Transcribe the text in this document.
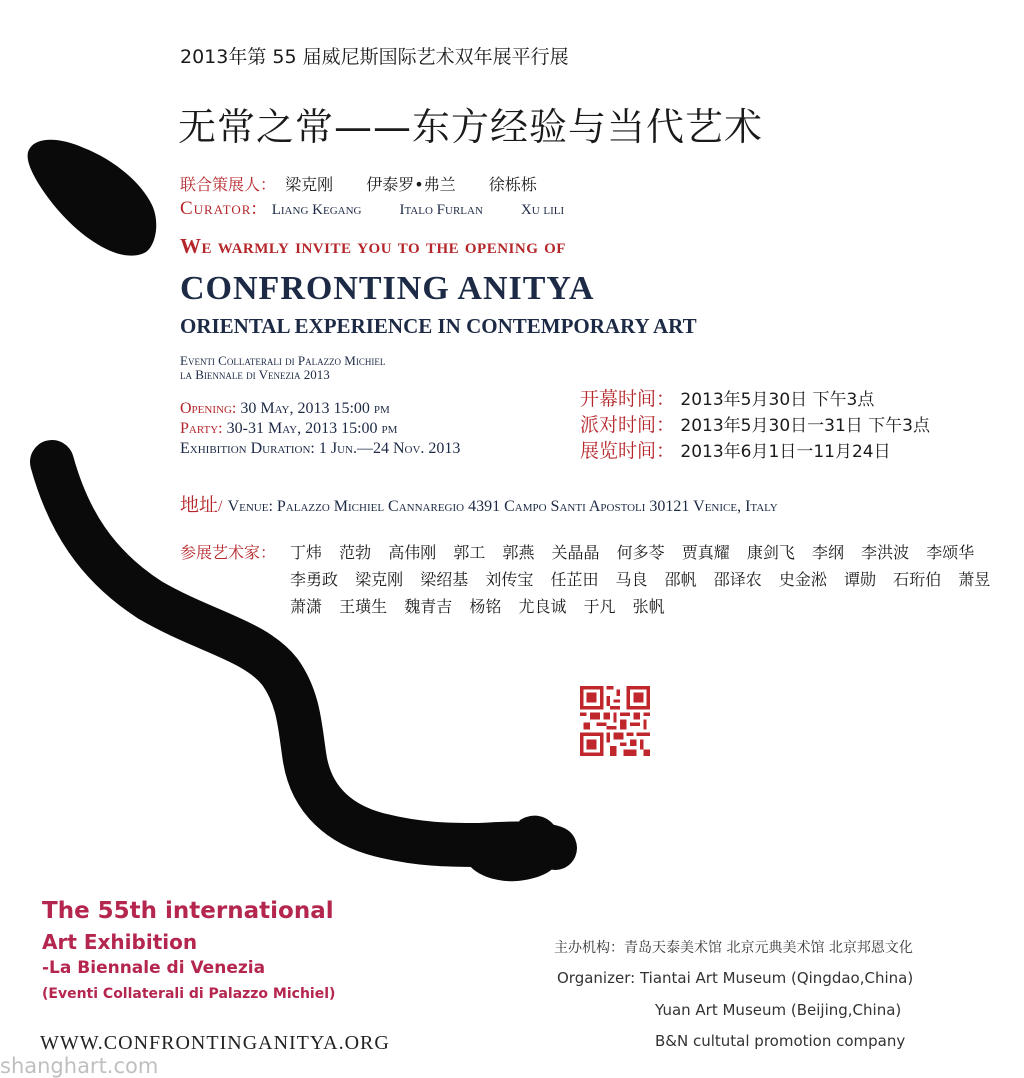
2013年第 55 届威尼斯国际艺术双年展平行展
无常之常——东方经验与当代艺术
联合策展人： 梁克刚 伊泰罗•弗兰 徐栎栎
Curator: Liang Kegang	Italo Furlan	Xu lili
We warmly invite you to the opening of
CONFRONTING ANITYA
ORIENTAL EXPERIENCE IN CONTEMPORARY ART
Eventi Collaterali di Palazzo Michiel
la Biennale di Venezia 2013
Opening: 30 May, 2013 15:00 pm
Party: 30-31 May, 2013 15:00 pm
Exhibition Duration: 1 Jun.—24 Nov. 2013
开幕时间： 2013年5月30日 下午3点
派对时间： 2013年5月30日一31日 下午3点
展览时间： 2013年6月1日一11月24日
地址/ Venue: Palazzo Michiel Cannaregio 4391 Campo Santi Apostoli 30121 Venice, Italy
参展艺术家： 丁炜 范勃 高伟刚 郭工 郭燕 关晶晶 何多苓 贾真耀 康剑飞 李纲 李洪波 李颂华
李勇政 梁克刚 梁绍基 刘传宝 任芷田 马良 邵帆 邵译农 史金淞 谭勋 石珩伯 萧昱
萧潇 王璜生 魏青吉 杨铭 尤良诚 于凡 张帆
The 55th international
Art Exhibition
-La Biennale di Venezia
(Eventi Collaterali di Palazzo Michiel)
主办机构：青岛天泰美术馆 北京元典美术馆 北京邦恩文化
Organizer: Tiantai Art Museum (Qingdao,China)
Yuan Art Museum (Beijing,China)
B&N cultutal promotion company
WWW.CONFRONTINGANITYA.ORG
shanghart.com
